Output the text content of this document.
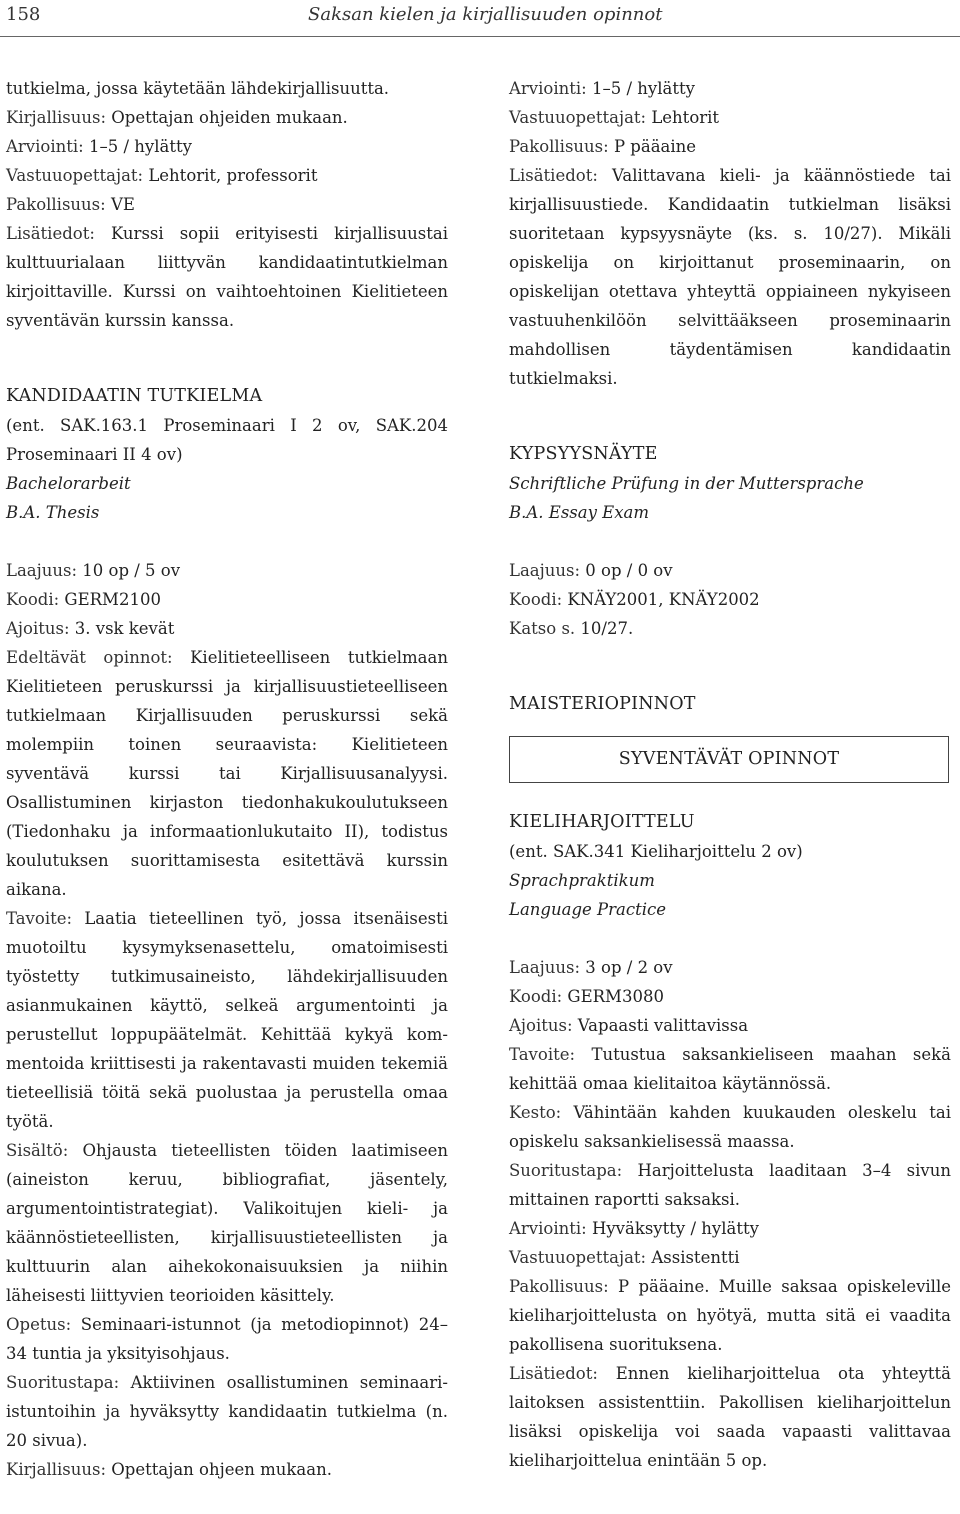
158	Saksan kielen ja kirjallisuuden opinnot

tutkielma, jossa käytetään lähdekirjallisuutta.

Kirjallisuus: Opettajan ohjeiden mukaan.

Arviointi: 1–5 / hylätty

Vastuuopettajat: Lehtorit, professorit

Pakollisuus: VE

Lisätiedot: Kurssi sopii erityisesti kirjallisuustai kulttuurialaan liittyvän kandidaatintutkielman kirjoittaville. Kurssi on vaihtoehtoinen Kielitieteen syventävän kurssin kanssa.

KANDIDAATIN TUTKIELMA

(ent. SAK.163.1 Proseminaari I 2 ov, SAK.204 Proseminaari II 4 ov)

Bachelorarbeit

B.A. Thesis

Laajuus: 10 op / 5 ov

Koodi: GERM2100

Ajoitus: 3. vsk kevät

Edeltävät opinnot: Kielitieteelliseen tutkielmaan Kielitieteen peruskurssi ja kirjallisuustieteelliseen tutkielmaan Kirjallisuuden peruskurssi sekä molempiin toinen seuraavista: Kielitieteen syventävä kurssi tai Kirjallisuusanalyysi. Osallistuminen kirjaston tiedonhakukoulutukseen (Tiedonhaku ja informaationlukutaito II), todistus koulutuksen suorittamisesta esitettävä kurssin aikana.

Tavoite: Laatia tieteellinen työ, jossa itsenäisesti muotoiltu kysymyksenasettelu, omatoimisesti työstetty tutkimusaineisto, lähdekirjallisuuden asianmukainen käyttö, selkeä argumentointi ja perustellut loppupäätelmät. Kehittää kykyä kommentoida kriittisesti ja rakentavasti muiden tekemiä tieteellisiä töitä sekä puolustaa ja perustella omaa työtä.

Sisältö: Ohjausta tieteellisten töiden laatimiseen (aineiston keruu, bibliografiat, jäsentely, argumentointistrategiat). Valikoitujen kieli- ja käännöstieteellisten, kirjallisuustieteellisten ja kulttuurin alan aihekokonaisuuksien ja niihin läheisesti liittyvien teorioiden käsittely.

Opetus: Seminaari-istunnot (ja metodiopinnot) 24–34 tuntia ja yksityisohjaus.

Suoritustapa: Aktiivinen osallistuminen seminaari-istuntoihin ja hyväksytty kandidaatin tutkielma (n. 20 sivua).

Kirjallisuus: Opettajan ohjeen mukaan.

Arviointi: 1–5 / hylätty

Vastuuopettajat: Lehtorit

Pakollisuus: P pääaine

Lisätiedot: Valittavana kieli- ja käännöstiede tai kirjallisuustiede. Kandidaatin tutkielman lisäksi suoritetaan kypsyysnäyte (ks. s. 10/27). Mikäli opiskelija on kirjoittanut proseminaarin, on opiskelijan otettava yhteyttä oppiaineen nykyiseen vastuuhenkilöön selvittääkseen proseminaarin mahdollisen täydentämisen kandidaatin tutkielmaksi.

KYPSYYSNÄYTE

Schriftliche Prüfung in der Muttersprache

B.A. Essay Exam

Laajuus: 0 op / 0 ov

Koodi: KNÄY2001, KNÄY2002

Katso s. 10/27.

MAISTERIOPINNOT

SYVENTÄVÄT OPINNOT

KIELIHARJOITTELU

(ent. SAK.341 Kieliharjoittelu 2 ov)

Sprachpraktikum

Language Practice

Laajuus: 3 op / 2 ov

Koodi: GERM3080

Ajoitus: Vapaasti valittavissa

Tavoite: Tutustua saksankieliseen maahan sekä kehittää omaa kielitaitoa käytännössä.

Kesto: Vähintään kahden kuukauden oleskelu tai opiskelu saksankielisessä maassa.

Suoritustapa: Harjoittelusta laaditaan 3–4 sivun mittainen raportti saksaksi.

Arviointi: Hyväksytty / hylätty

Vastuuopettajat: Assistentti

Pakollisuus: P pääaine. Muille saksaa opiskeleville kieliharjoittelusta on hyötyä, mutta sitä ei vaadita pakollisena suorituksena.

Lisätiedot: Ennen kieliharjoittelua ota yhteyttä laitoksen assistenttiin. Pakollisen kieliharjoittelun lisäksi opiskelija voi saada vapaasti valittavaa kieliharjoittelua enintään 5 op.
